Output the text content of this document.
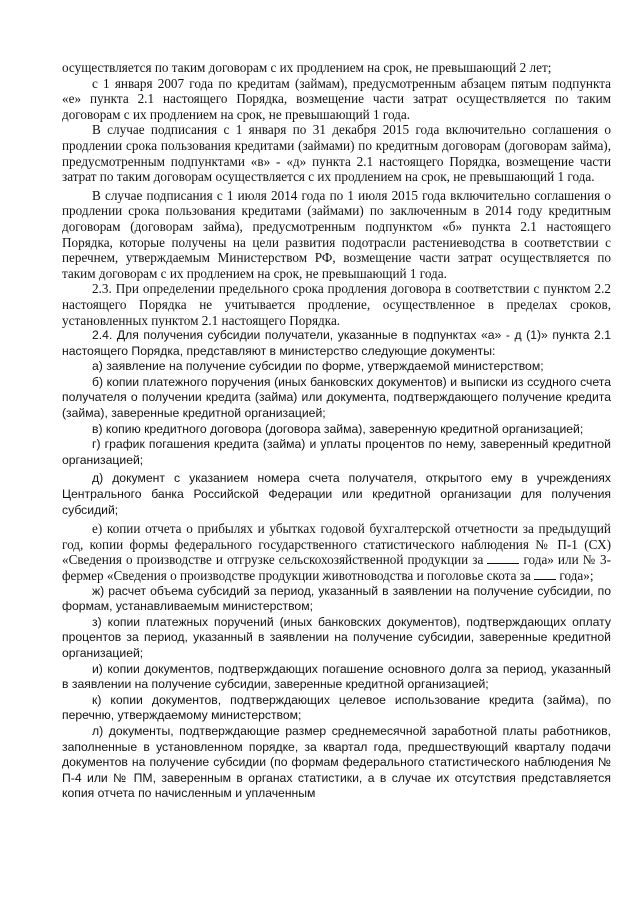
осуществляется по таким договорам с их продлением на срок, не превышающий 2 лет;

с 1 января 2007 года по кредитам (займам), предусмотренным абзацем пятым подпункта «е» пункта 2.1 настоящего Порядка, возмещение части затрат осуществляется по таким договорам с их продлением на срок, не превышающий 1 года.

В случае подписания с 1 января по 31 декабря 2015 года включительно соглашения о продлении срока пользования кредитами (займами) по кредитным договорам (договорам займа), предусмотренным подпунктами «в» - «д» пункта 2.1 настоящего Порядка, возмещение части затрат по таким договорам осуществляется с их продлением на срок, не превышающий 1 года.

В случае подписания с 1 июля 2014 года по 1 июля 2015 года включительно соглашения о продлении срока пользования кредитами (займами) по заключенным в 2014 году кредитным договорам (договорам займа), предусмотренным подпунктом «б» пункта 2.1 настоящего Порядка, которые получены на цели развития подотрасли растениеводства в соответствии с перечнем, утверждаемым Министерством РФ, возмещение части затрат осуществляется по таким договорам с их продлением на срок, не превышающий 1 года.

2.3. При определении предельного срока продления договора в соответствии с пунктом 2.2 настоящего Порядка не учитывается продление, осуществленное в пределах сроков, установленных пунктом 2.1 настоящего Порядка.

2.4. Для получения субсидии получатели, указанные в подпунктах «а» - д (1)» пункта 2.1 настоящего Порядка, представляют в министерство следующие документы:

а) заявление на получение субсидии по форме, утверждаемой министерством;

б) копии платежного поручения (иных банковских документов) и выписки из ссудного счета получателя о получении кредита (займа) или документа, подтверждающего получение кредита (займа), заверенные кредитной организацией;

в) копию кредитного договора (договора займа), заверенную кредитной организацией;

г) график погашения кредита (займа) и уплаты процентов по нему, заверенный кредитной организацией;

д) документ с указанием номера счета получателя, открытого ему в учреждениях Центрального банка Российской Федерации или кредитной организации для получения субсидий;

е) копии отчета о прибылях и убытках годовой бухгалтерской отчетности за предыдущий год, копии формы федерального государственного статистического наблюдения № П-1 (СХ) «Сведения о производстве и отгрузке сельскохозяйственной продукции за	года» или № 3-фермер «Сведения о производстве продукции животноводства и поголовье скота за года»;

ж) расчет объема субсидий за период, указанный в заявлении на получение субсидии, по формам, устанавливаемым министерством;

з) копии платежных поручений (иных банковских документов), подтверждающих оплату процентов за период, указанный в заявлении на получение субсидии, заверенные кредитной организацией;

и) копии документов, подтверждающих погашение основного долга за период, указанный в заявлении на получение субсидии, заверенные кредитной организацией;

к) копии документов, подтверждающих целевое использование кредита (займа), по перечню, утверждаемому министерством;

л) документы, подтверждающие размер среднемесячной заработной платы работников, заполненные в установленном порядке, за квартал года, предшествующий кварталу подачи документов на получение субсидии (по формам федерального статистического наблюдения № П-4 или № ПМ, заверенным в органах статистики, а в случае их отсутствия представляется копия отчета по начисленным и уплаченным
